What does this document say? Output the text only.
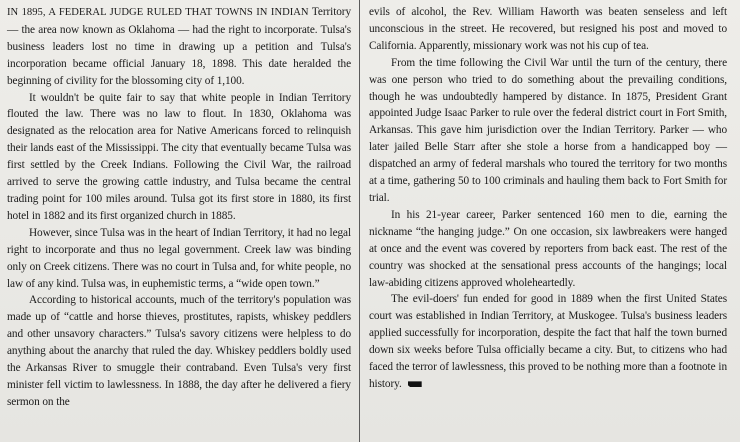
IN 1895, A FEDERAL JUDGE RULED THAT TOWNS IN INDIAN Territory — the area now known as Oklahoma — had the right to incorporate. Tulsa's business leaders lost no time in drawing up a petition and Tulsa's incorporation became official January 18, 1898. This date heralded the beginning of civility for the blossoming city of 1,100.

It wouldn't be quite fair to say that white people in Indian Territory flouted the law. There was no law to flout. In 1830, Oklahoma was designated as the relocation area for Native Americans forced to relinquish their lands east of the Mississippi. The city that eventually became Tulsa was first settled by the Creek Indians. Following the Civil War, the railroad arrived to serve the growing cattle industry, and Tulsa became the central trading point for 100 miles around. Tulsa got its first store in 1880, its first hotel in 1882 and its first organized church in 1885.

However, since Tulsa was in the heart of Indian Territory, it had no legal right to incorporate and thus no legal government. Creek law was binding only on Creek citizens. There was no court in Tulsa and, for white people, no law of any kind. Tulsa was, in euphemistic terms, a “wide open town.”

According to historical accounts, much of the territory's population was made up of “cattle and horse thieves, prostitutes, rapists, whiskey peddlers and other unsavory characters.” Tulsa's savory citizens were helpless to do anything about the anarchy that ruled the day. Whiskey peddlers boldly used the Arkansas River to smuggle their contraband. Even Tulsa's very first minister fell victim to lawlessness. In 1888, the day after he delivered a fiery sermon on the

evils of alcohol, the Rev. William Haworth was beaten senseless and left unconscious in the street. He recovered, but resigned his post and moved to California. Apparently, missionary work was not his cup of tea.

From the time following the Civil War until the turn of the century, there was one person who tried to do something about the prevailing conditions, though he was undoubtedly hampered by distance. In 1875, President Grant appointed Judge Isaac Parker to rule over the federal district court in Fort Smith, Arkansas. This gave him jurisdiction over the Indian Territory. Parker — who later jailed Belle Starr after she stole a horse from a handicapped boy — dispatched an army of federal marshals who toured the territory for two months at a time, gathering 50 to 100 criminals and hauling them back to Fort Smith for trial.

In his 21-year career, Parker sentenced 160 men to die, earning the nickname “the hanging judge.” On one occasion, six lawbreakers were hanged at once and the event was covered by reporters from back east. The rest of the country was shocked at the sensational press accounts of the hangings; local law-abiding citizens approved wholeheartedly.

The evil-doers' fun ended for good in 1889 when the first United States court was established in Indian Territory, at Muskogee. Tulsa's business leaders applied successfully for incorporation, despite the fact that half the town burned down six weeks before Tulsa officially became a city. But, to citizens who had faced the terror of lawlessness, this proved to be nothing more than a footnote in history.
